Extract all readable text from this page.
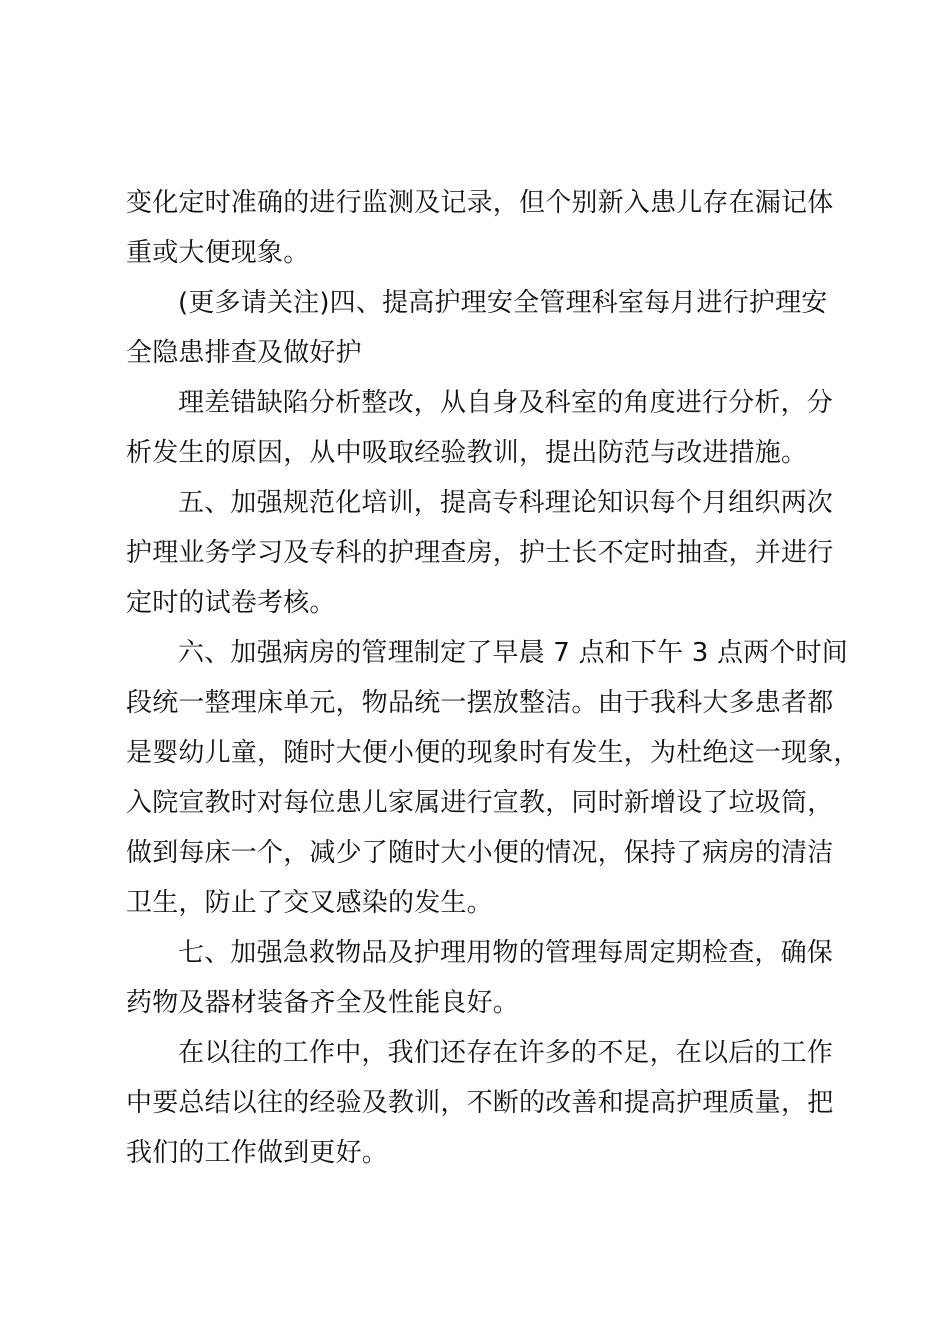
变化定时准确的进行监测及记录，但个别新入患儿存在漏记体
重或大便现象。
(更多请关注)四、提高护理安全管理科室每月进行护理安
全隐患排查及做好护
理差错缺陷分析整改，从自身及科室的角度进行分析，分
析发生的原因，从中吸取经验教训，提出防范与改进措施。
五、加强规范化培训，提高专科理论知识每个月组织两次
护理业务学习及专科的护理查房，护士长不定时抽查，并进行
定时的试卷考核。
六、加强病房的管理制定了早晨 7 点和下午 3 点两个时间
段统一整理床单元，物品统一摆放整洁。由于我科大多患者都
是婴幼儿童，随时大便小便的现象时有发生，为杜绝这一现象，
入院宣教时对每位患儿家属进行宣教，同时新增设了垃圾筒，
做到每床一个，减少了随时大小便的情况，保持了病房的清洁
卫生，防止了交叉感染的发生。
七、加强急救物品及护理用物的管理每周定期检查，确保
药物及器材装备齐全及性能良好。
在以往的工作中，我们还存在许多的不足，在以后的工作
中要总结以往的经验及教训，不断的改善和提高护理质量，把
我们的工作做到更好。
